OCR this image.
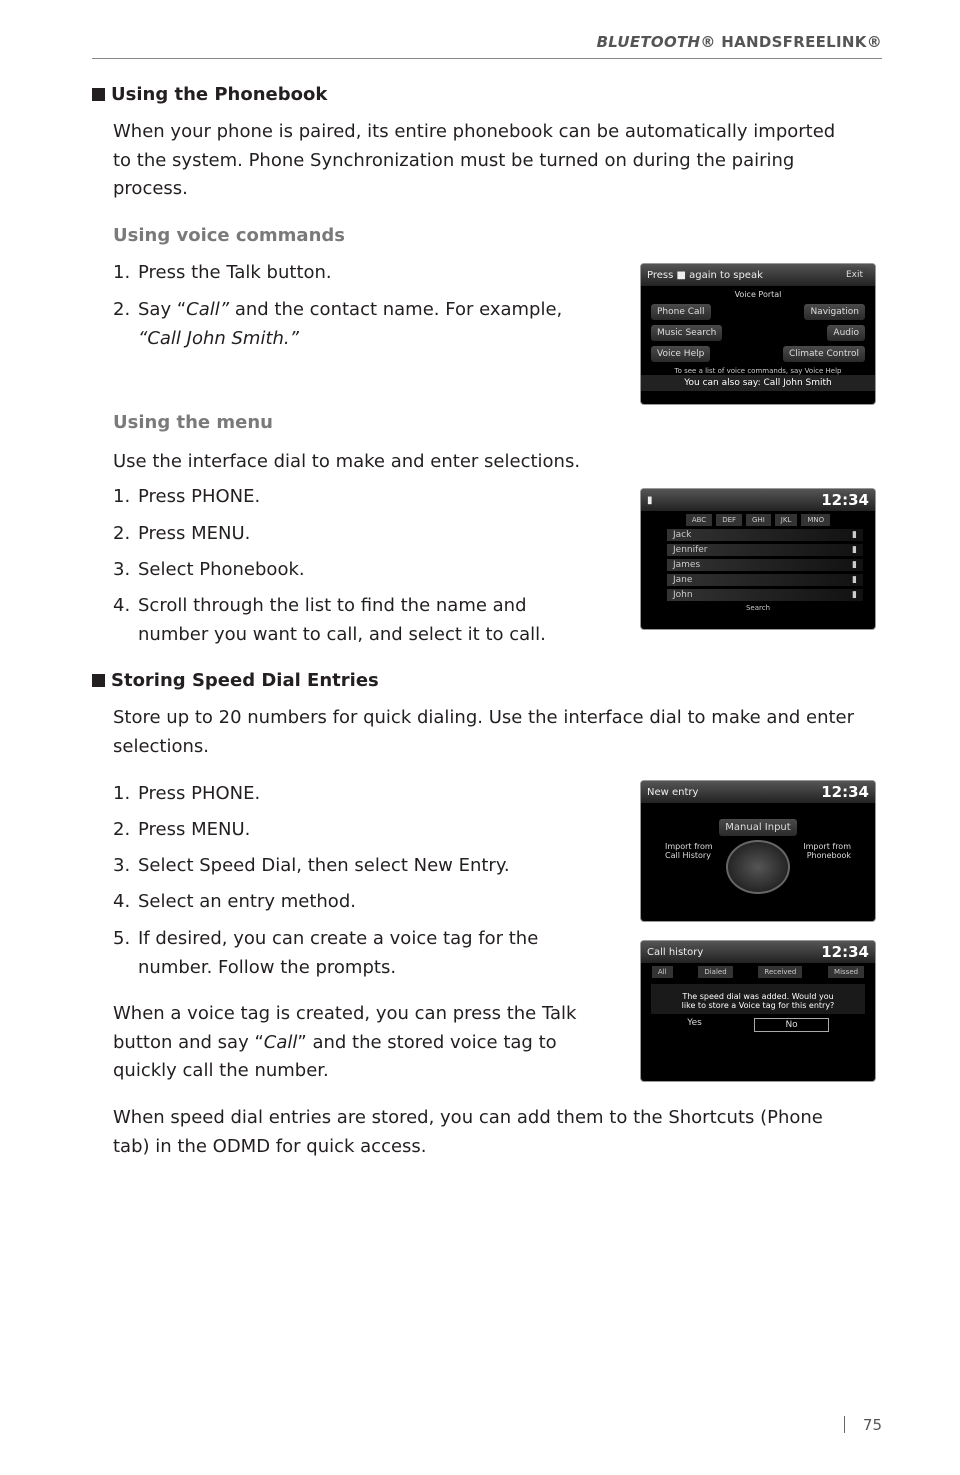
BLUETOOTH® HANDSFREELINK®
Using the Phonebook
When your phone is paired, its entire phonebook can be automatically imported
to the system. Phone Synchronization must be turned on during the pairing
process.
Using voice commands
1. Press the Talk button.
2. Say “Call” and the contact name. For example,
“Call John Smith.”
Press ■ again to speak	Exit
Voice Portal
Phone Call	Navigation
Music Search	Audio
Voice Help	Climate Control
To see a list of voice commands, say Voice Help
You can also say: Call John Smith
Using the menu
Use the interface dial to make and enter selections.
1. Press PHONE.
2. Press MENU.
3. Select Phonebook.
4. Scroll through the list to find the name and
number you want to call, and select it to call.
▮	12:34
ABC	DEF	GHI	JKL	MNO
Jack	▮
Jennifer	▮
James	▮
Jane	▮
John	▮
Search
Storing Speed Dial Entries
Store up to 20 numbers for quick dialing. Use the interface dial to make and enter
selections.
1. Press PHONE.
2. Press MENU.
3. Select Speed Dial, then select New Entry.
4. Select an entry method.
5. If desired, you can create a voice tag for the
number. Follow the prompts.
New entry	12:34
Manual Input
Import from Call History
Import from Phonebook
Call history	12:34
All	Dialed	Received	Missed
The speed dial was added. Would you like to store a Voice tag for this entry?
Yes	No
When a voice tag is created, you can press the Talk
button and say “Call” and the stored voice tag to
quickly call the number.
When speed dial entries are stored, you can add them to the Shortcuts (Phone
tab) in the ODMD for quick access.
75
